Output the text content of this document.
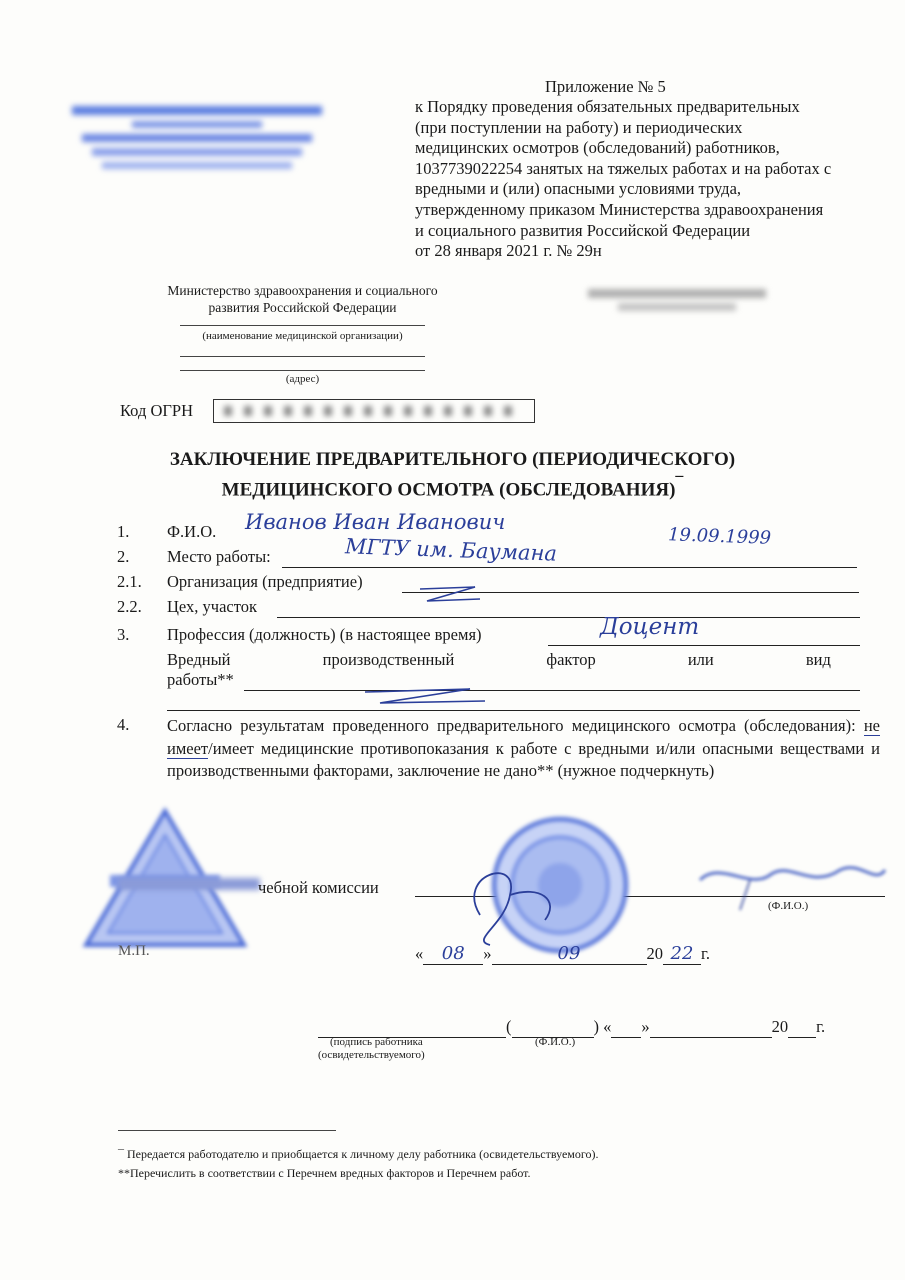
Приложение № 5

к Порядку проведения обязательных предварительных

(при поступлении на работу) и периодических

медицинских осмотров (обследований) работников,

1037739022254 занятых на тяжелых работах и на работах с

вредными и (или) опасными условиями труда,

утвержденному приказом Министерства здравоохранения

и социального развития Российской Федерации

от 28 января 2021 г. № 29н

Министерство здравоохранения и социального
развития Российской Федерации
(наименование медицинской организации)
(адрес)
Код ОГРН
ЗАКЛЮЧЕНИЕ ПРЕДВАРИТЕЛЬНОГО (ПЕРИОДИЧЕСКОГО)
МЕДИЦИНСКОГО ОСМОТРА (ОБСЛЕДОВАНИЯ)¯
1. Ф.И.О. Иванов Иван Иванович
19.09.1999
2. Место работы:	МГТУ им. Баумана
2.1. Организация (предприятие)
2.2. Цех, участок
3. Профессия (должность) (в настоящее время)	Доцент
Вредный производственный фактор или вид
работы**
4. Согласно результатам проведенного предварительного медицинского осмотра (обследования): не имеет/имеет медицинские противопоказания к работе с вредными и/или опасными веществами и производственными факторами, заключение не дано** (нужное подчеркнуть)
чебной комиссии
(Ф.И.О.)
М.П.	« 08 »	09	20 22 г.
(	) « »	20 г.
(подпись работника
(освидетельствуемого)
(Ф.И.О.)
¯ Передается работодателю и приобщается к личному делу работника (освидетельствуемого).
**Перечислить в соответствии с Перечнем вредных факторов и Перечнем работ.
